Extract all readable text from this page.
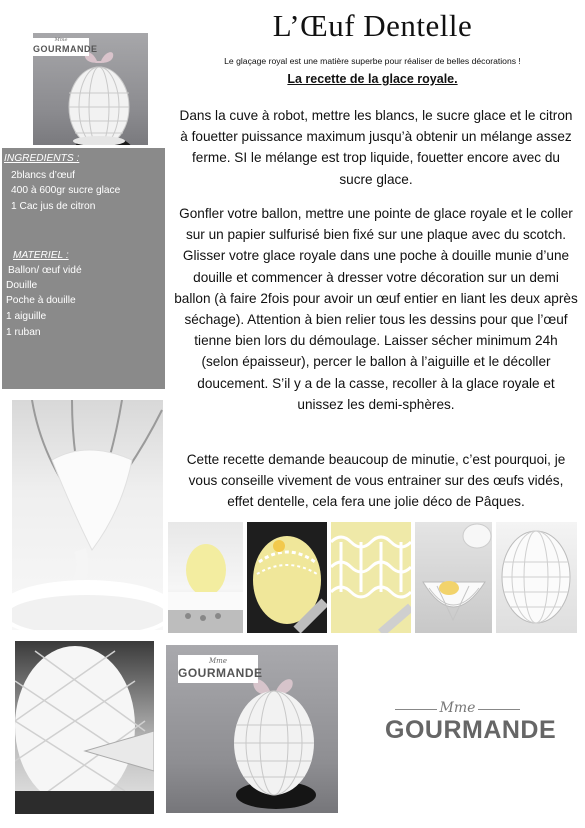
L’Œuf Dentelle
Le glaçage royal est une matière superbe pour réaliser de belles décorations !
La recette de la glace royale.

Dans la cuve à robot, mettre les blancs, le sucre glace et le citron à fouetter puissance maximum jusqu’à obtenir un mélange assez ferme. SI le mélange est trop liquide, fouetter encore avec du sucre glace.

Gonfler votre ballon, mettre une pointe de glace royale et le coller sur un papier sulfurisé bien fixé sur une plaque avec du scotch. Glisser votre glace royale dans une poche à douille munie d’une douille et commencer à dresser votre décoration sur un demi ballon (à faire 2fois pour avoir un œuf entier en liant les deux après séchage). Attention à bien relier tous les dessins pour que l’œuf tienne bien lors du démoulage. Laisser sécher minimum 24h (selon épaisseur), percer le ballon à l’aiguille et le décoller doucement. S’il y a de la casse, recoller à la glace royale et unissez les demi-sphères.

Cette recette demande beaucoup de minutie, c’est pourquoi, je vous conseille vivement de vous entrainer sur des œufs vidés, effet dentelle, cela fera une jolie déco de Pâques.

Mme
GOURMANDE
INGREDIENTS :
2blancs d’œuf
400 à 600gr sucre glace
1 Cac jus de citron
MATERIEL :
Ballon/ œuf vidé
Douille
Poche à douille
1 aiguille
1 ruban
Mme
GOURMANDE
Mme
GOURMANDE
